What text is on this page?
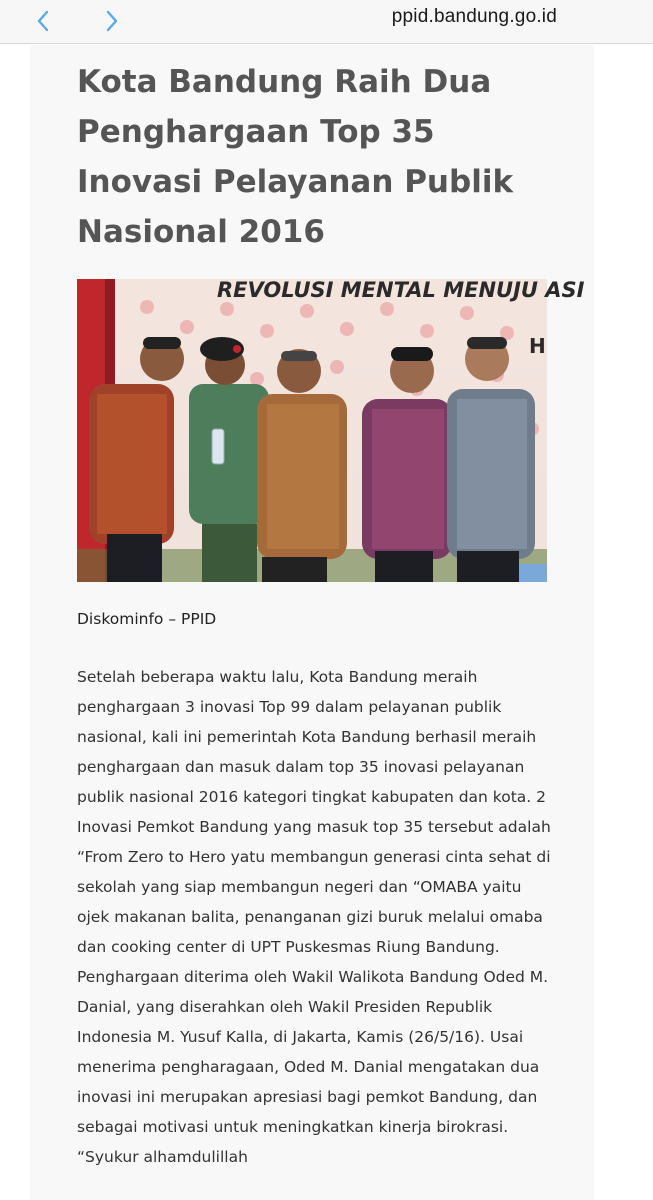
ppid.bandung.go.id
Kota Bandung Raih Dua Penghargaan Top 35 Inovasi Pelayanan Publik Nasional 2016
REVOLUSI MENTAL MENUJU ASI
H

Diskominfo – PPID

Setelah beberapa waktu lalu, Kota Bandung meraih penghargaan 3 inovasi Top 99 dalam pelayanan publik nasional, kali ini pemerintah Kota Bandung berhasil meraih penghargaan dan masuk dalam top 35 inovasi pelayanan publik nasional 2016 kategori tingkat kabupaten dan kota. 2 Inovasi Pemkot Bandung yang masuk top 35 tersebut adalah “From Zero to Hero yatu membangun generasi cinta sehat di sekolah yang siap membangun negeri dan “OMABA yaitu ojek makanan balita, penanganan gizi buruk melalui omaba dan cooking center di UPT Puskesmas Riung Bandung. Penghargaan diterima oleh Wakil Walikota Bandung Oded M. Danial, yang diserahkan oleh Wakil Presiden Republik Indonesia M. Yusuf Kalla, di Jakarta, Kamis (26/5/16). Usai menerima pengharagaan, Oded M. Danial mengatakan dua inovasi ini merupakan apresiasi bagi pemkot Bandung, dan sebagai motivasi untuk meningkatkan kinerja birokrasi. “Syukur alhamdulillah
